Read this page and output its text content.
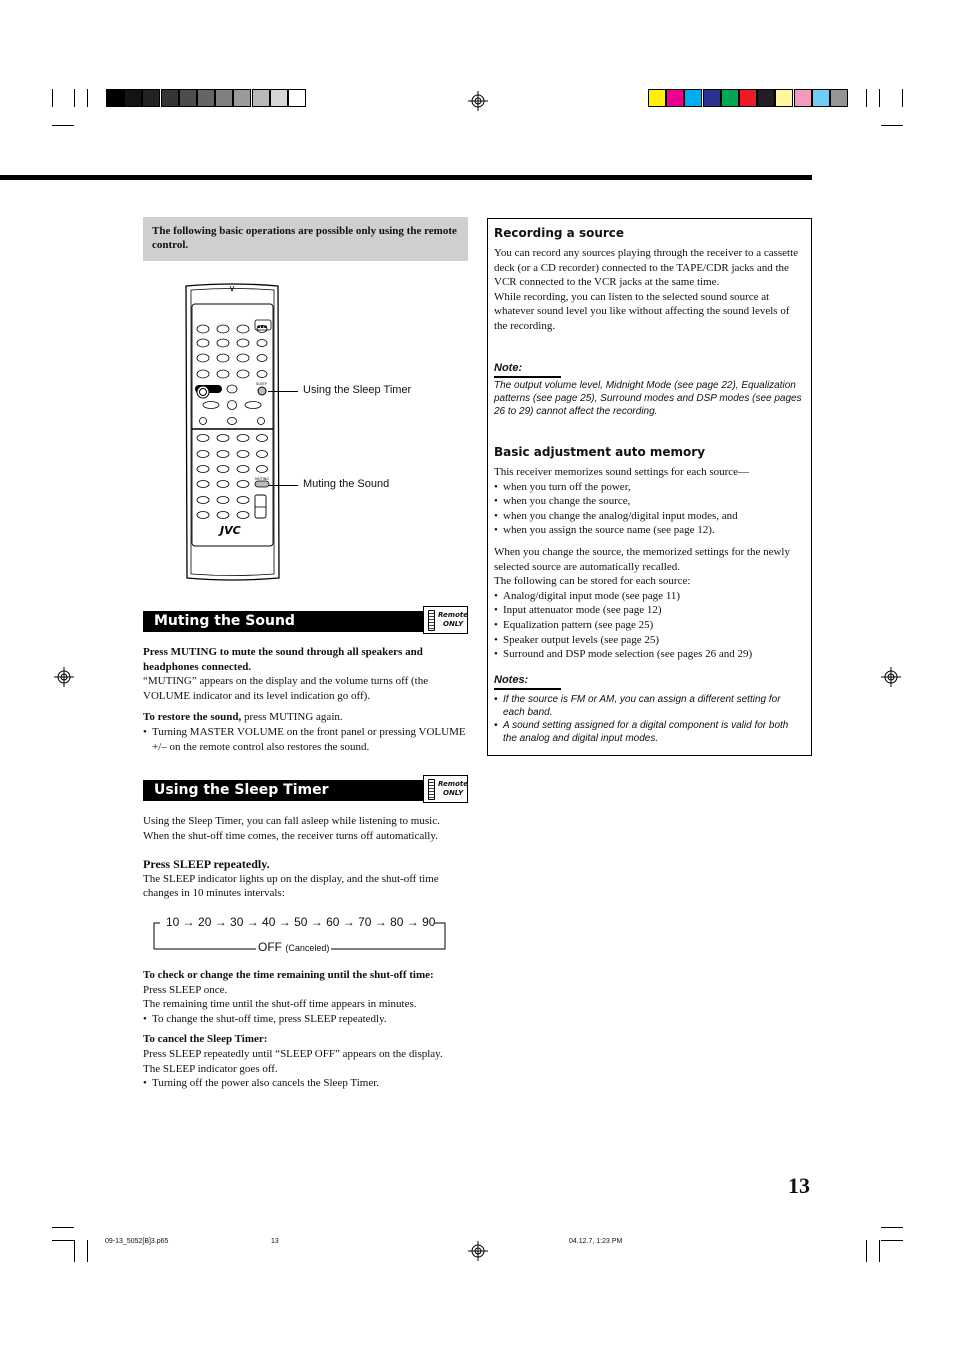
The following basic operations are possible only using the remote control.
▪▪▪
SLEEP
MUTING
JVC
Using the Sleep Timer
Muting the Sound
Muting the Sound	Remote
ONLY

Press MUTING to mute the sound through all speakers and headphones connected.

“MUTING” appears on the display and the volume turns off (the VOLUME indicator and its level indication go off).

To restore the sound, press MUTING again.

• Turning MASTER VOLUME on the front panel or pressing VOLUME +/– on the remote control also restores the sound.

Using the Sleep Timer	Remote
ONLY

Using the Sleep Timer, you can fall asleep while listening to music. When the shut-off time comes, the receiver turns off automatically.

Press SLEEP repeatedly.

The SLEEP indicator lights up on the display, and the shut-off time changes in 10 minutes intervals:

10 → 20 → 30 → 40 → 50 → 60 → 70 → 80 → 90
OFF (Canceled)

To check or change the time remaining until the shut-off time:

Press SLEEP once.

The remaining time until the shut-off time appears in minutes.

• To change the shut-off time, press SLEEP repeatedly.

To cancel the Sleep Timer:

Press SLEEP repeatedly until “SLEEP OFF” appears on the display.

The SLEEP indicator goes off.

• Turning off the power also cancels the Sleep Timer.

Recording a source

You can record any sources playing through the receiver to a cassette deck (or a CD recorder) connected to the TAPE/CDR jacks and the VCR connected to the VCR jacks at the same time.

While recording, you can listen to the selected sound source at whatever sound level you like without affecting the sound levels of the recording.

Note:
The output volume level, Midnight Mode (see page 22), Equalization patterns (see page 25), Surround modes and DSP modes (see pages 26 to 29) cannot affect the recording.
Basic adjustment auto memory

This receiver memorizes sound settings for each source—

• when you turn off the power,

• when you change the source,

• when you change the analog/digital input modes, and

• when you assign the source name (see page 12).

When you change the source, the memorized settings for the newly selected source are automatically recalled.

The following can be stored for each source:

• Analog/digital input mode (see page 11)

• Input attenuator mode (see page 12)

• Equalization pattern (see page 25)

• Speaker output levels (see page 25)

• Surround and DSP mode selection (see pages 26 and 29)

Notes:

• If the source is FM or AM, you can assign a different setting for each band.

• A sound setting assigned for a digital component is valid for both the analog and digital input modes.

13
09-13_5052[B]3.p65	13	04.12.7, 1:23 PM
